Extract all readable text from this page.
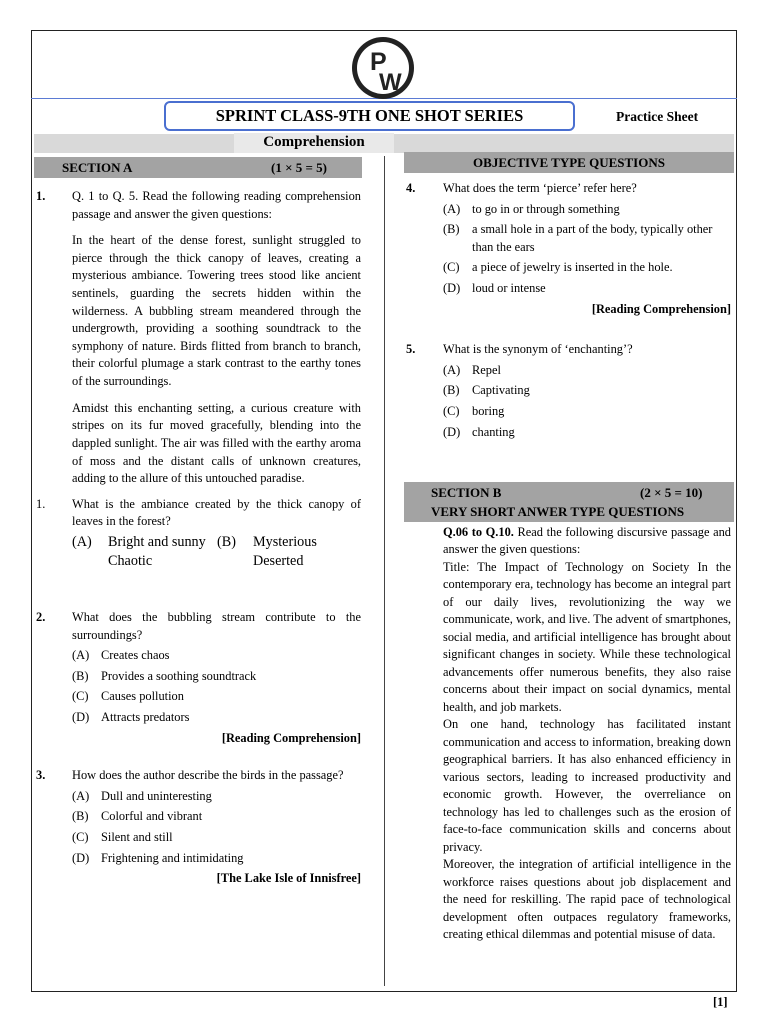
P
W
SPRINT CLASS-9TH ONE SHOT SERIES	Practice Sheet
Comprehension
SECTION A	(1 × 5 = 5)	OBJECTIVE TYPE QUESTIONS
1. Q. 1 to Q. 5. Read the following reading comprehension passage and answer the given questions:

In the heart of the dense forest, sunlight struggled to pierce through the thick canopy of leaves, creating a mysterious ambiance. Towering trees stood like ancient sentinels, guarding the secrets hidden within the wilderness. A bubbling stream meandered through the undergrowth, providing a soothing soundtrack to the symphony of nature. Birds flitted from branch to branch, their colorful plumage a stark contrast to the earthy tones of the surroundings.

Amidst this enchanting setting, a curious creature with stripes on its fur moved gracefully, blending into the dappled sunlight. The air was filled with the earthy aroma of moss and the distant calls of unknown creatures, adding to the allure of this untouched paradise.

1. What is the ambiance created by the thick canopy of leaves in the forest?
(A) Bright and sunny (B) Mysterious
Chaotic	Deserted
2. What does the bubbling stream contribute to the surroundings?
(A) Creates chaos
(B) Provides a soothing soundtrack
(C) Causes pollution
(D) Attracts predators
[Reading Comprehension]
3. How does the author describe the birds in the passage?
(A) Dull and uninteresting
(B) Colorful and vibrant
(C) Silent and still
(D) Frightening and intimidating
[The Lake Isle of Innisfree]
4. What does the term ‘pierce’ refer here?
(A) to go in or through something
(B) a small hole in a part of the body, typically other than the ears
(C) a piece of jewelry is inserted in the hole.
(D) loud or intense
[Reading Comprehension]
5. What is the synonym of ‘enchanting’?
(A) Repel
(B) Captivating
(C) boring
(D) chanting
SECTION B	(2 × 5 = 10)
VERY SHORT ANWER TYPE QUESTIONS

Q.06 to Q.10. Read the following discursive passage and answer the given questions:

Title: The Impact of Technology on Society In the contemporary era, technology has become an integral part of our daily lives, revolutionizing the way we communicate, work, and live. The advent of smartphones, social media, and artificial intelligence has brought about significant changes in society. While these technological advancements offer numerous benefits, they also raise concerns about their impact on social dynamics, mental health, and job markets.

On one hand, technology has facilitated instant communication and access to information, breaking down geographical barriers. It has also enhanced efficiency in various sectors, leading to increased productivity and economic growth. However, the overreliance on technology has led to challenges such as the erosion of face-to-face communication skills and concerns about privacy.

Moreover, the integration of artificial intelligence in the workforce raises questions about job displacement and the need for reskilling. The rapid pace of technological development often outpaces regulatory frameworks, creating ethical dilemmas and potential misuse of data.

[1]
